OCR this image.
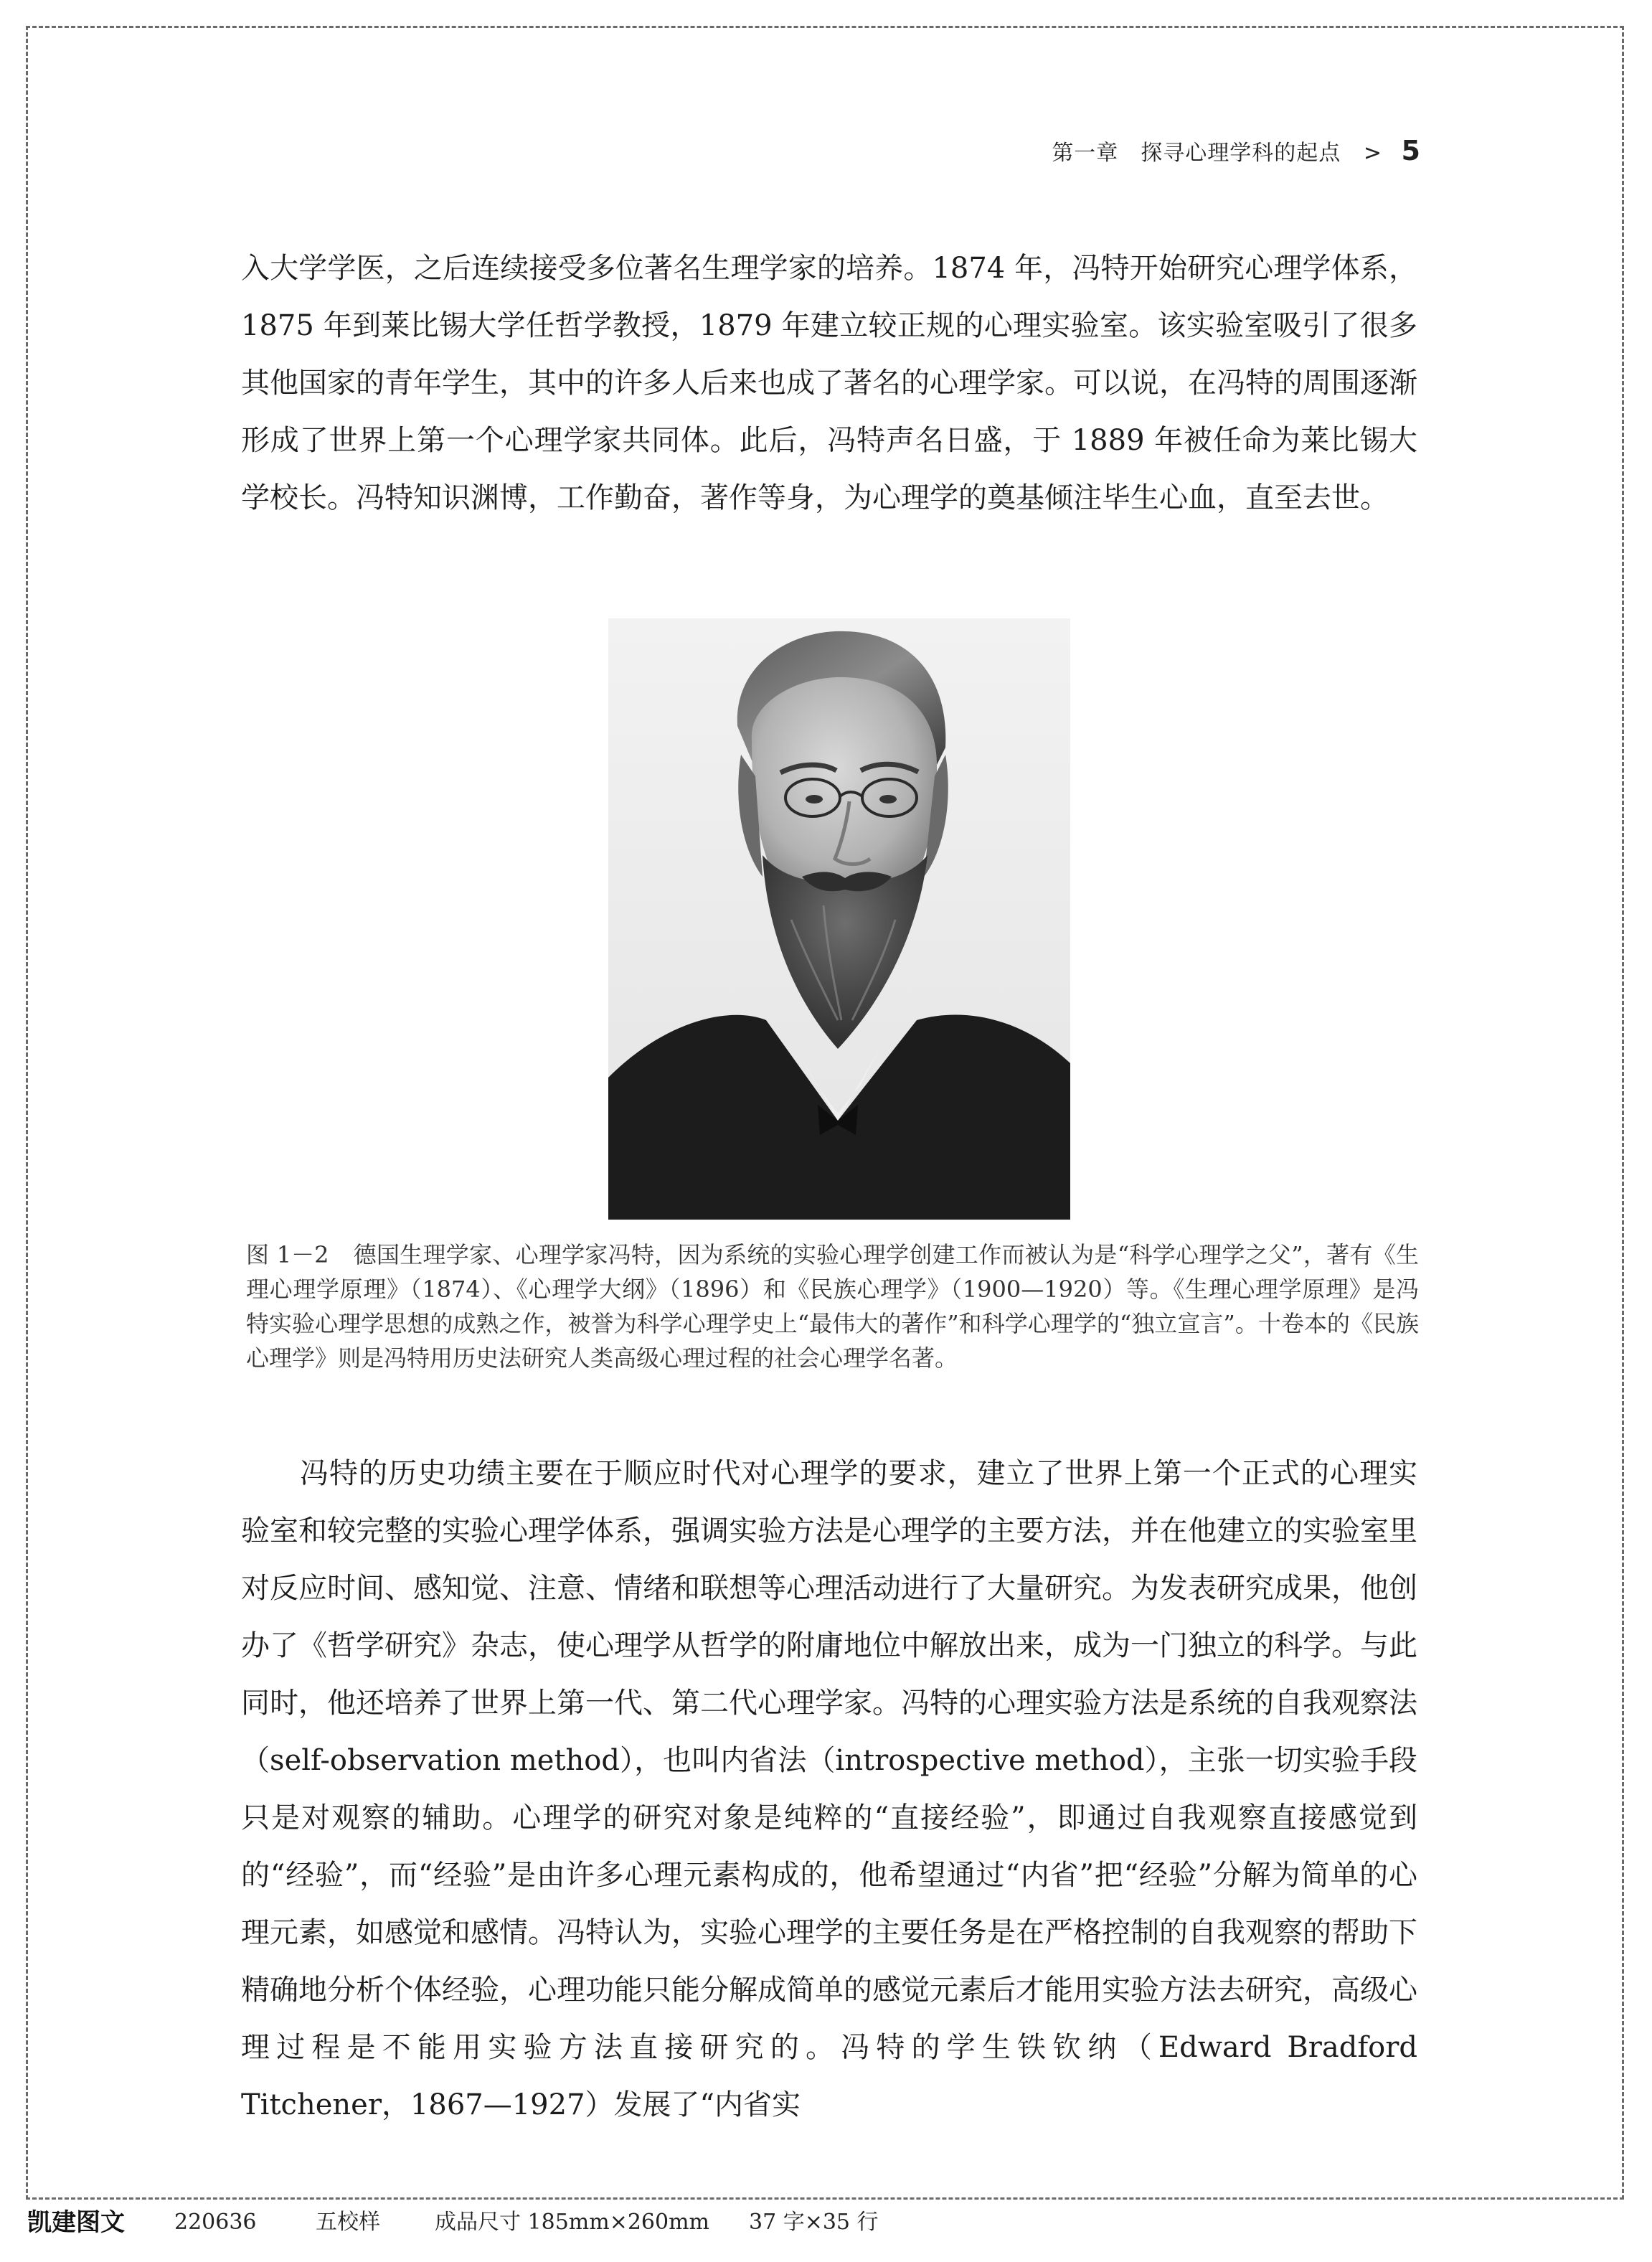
第一章　探寻心理学科的起点 > 5

入大学学医，之后连续接受多位著名生理学家的培养。1874 年，冯特开始研究心理学体系，1875 年到莱比锡大学任哲学教授，1879 年建立较正规的心理实验室。该实验室吸引了很多其他国家的青年学生，其中的许多人后来也成了著名的心理学家。可以说，在冯特的周围逐渐形成了世界上第一个心理学家共同体。此后，冯特声名日盛，于 1889 年被任命为莱比锡大学校长。冯特知识渊博，工作勤奋，著作等身，为心理学的奠基倾注毕生心血，直至去世。

图 1－2 德国生理学家、心理学家冯特，因为系统的实验心理学创建工作而被认为是“科学心理学之父”，著有《生理心理学原理》（1874）、《心理学大纲》（1896）和《民族心理学》（1900—1920）等。《生理心理学原理》是冯特实验心理学思想的成熟之作，被誉为科学心理学史上“最伟大的著作”和科学心理学的“独立宣言”。十卷本的《民族心理学》则是冯特用历史法研究人类高级心理过程的社会心理学名著。

冯特的历史功绩主要在于顺应时代对心理学的要求，建立了世界上第一个正式的心理实验室和较完整的实验心理学体系，强调实验方法是心理学的主要方法，并在他建立的实验室里对反应时间、感知觉、注意、情绪和联想等心理活动进行了大量研究。为发表研究成果，他创办了《哲学研究》杂志，使心理学从哲学的附庸地位中解放出来，成为一门独立的科学。与此同时，他还培养了世界上第一代、第二代心理学家。冯特的心理实验方法是系统的自我观察法（self-observation method），也叫内省法（introspective method），主张一切实验手段只是对观察的辅助。心理学的研究对象是纯粹的“直接经验”，即通过自我观察直接感觉到的“经验”，而“经验”是由许多心理元素构成的，他希望通过“内省”把“经验”分解为简单的心理元素，如感觉和感情。冯特认为，实验心理学的主要任务是在严格控制的自我观察的帮助下精确地分析个体经验，心理功能只能分解成简单的感觉元素后才能用实验方法去研究，高级心理过程是不能用实验方法直接研究的。冯特的学生铁钦纳（Edward Bradford Titchener，1867—1927）发展了“内省实

凯建图文 220636	五校样	成品尺寸 185mm×260mm 37 字×35 行
